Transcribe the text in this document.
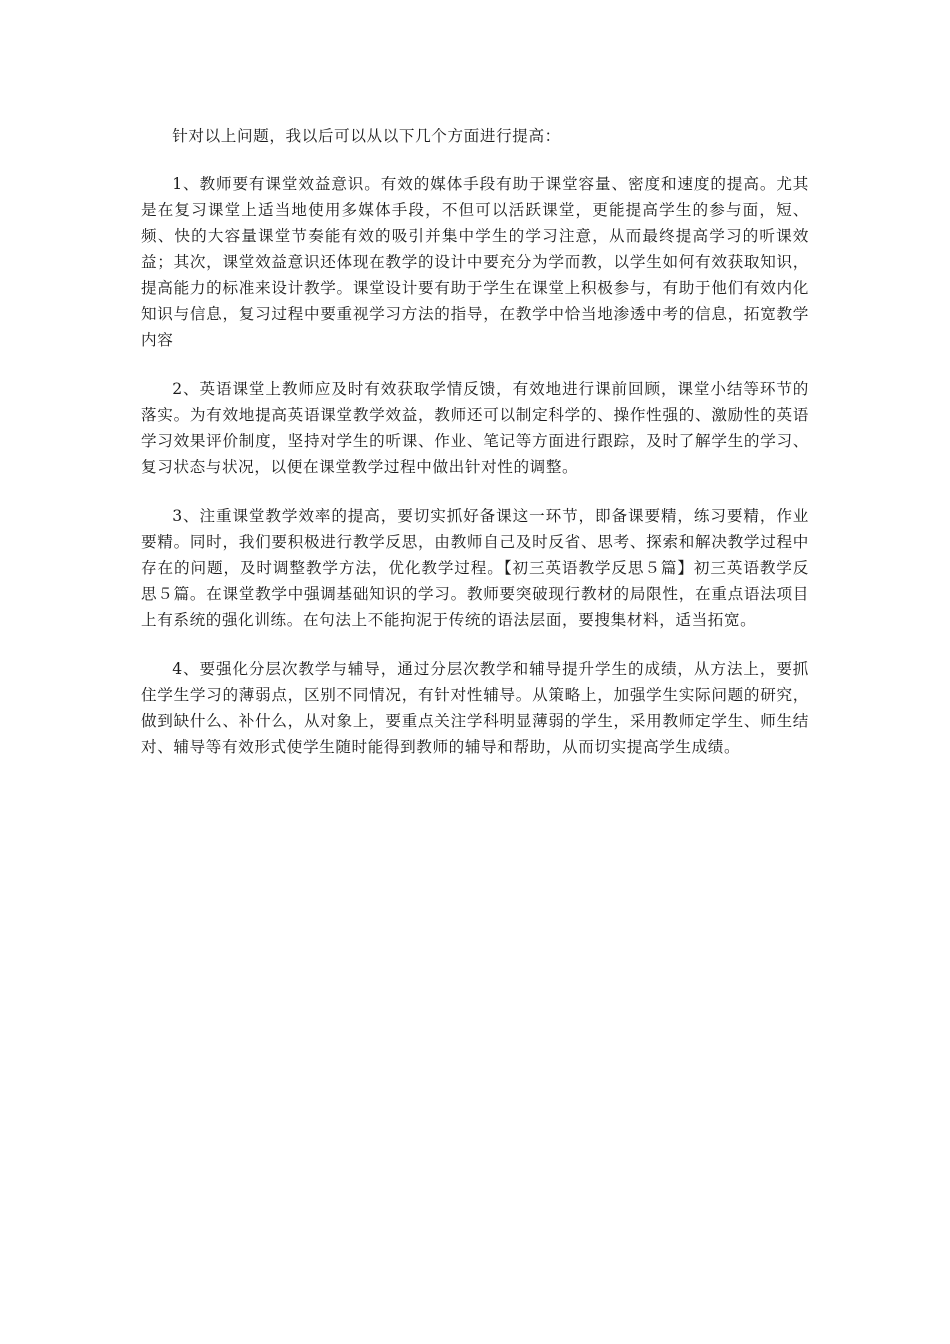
针对以上问题，我以后可以从以下几个方面进行提高：

1、教师要有课堂效益意识。有效的媒体手段有助于课堂容量、密度和速度的提高。尤其是在复习课堂上适当地使用多媒体手段，不但可以活跃课堂，更能提高学生的参与面，短、频、快的大容量课堂节奏能有效的吸引并集中学生的学习注意，从而最终提高学习的听课效益；其次，课堂效益意识还体现在教学的设计中要充分为学而教，以学生如何有效获取知识，提高能力的标准来设计教学。课堂设计要有助于学生在课堂上积极参与，有助于他们有效内化知识与信息，复习过程中要重视学习方法的指导，在教学中恰当地渗透中考的信息，拓宽教学内容

2、英语课堂上教师应及时有效获取学情反馈，有效地进行课前回顾，课堂小结等环节的落实。为有效地提高英语课堂教学效益，教师还可以制定科学的、操作性强的、激励性的英语学习效果评价制度，坚持对学生的听课、作业、笔记等方面进行跟踪，及时了解学生的学习、复习状态与状况，以便在课堂教学过程中做出针对性的调整。

3、注重课堂教学效率的提高，要切实抓好备课这一环节，即备课要精，练习要精，作业要精。同时，我们要积极进行教学反思，由教师自己及时反省、思考、探索和解决教学过程中存在的问题，及时调整教学方法，优化教学过程。【初三英语教学反思５篇】初三英语教学反思５篇。在课堂教学中强调基础知识的学习。教师要突破现行教材的局限性，在重点语法项目上有系统的强化训练。在句法上不能拘泥于传统的语法层面，要搜集材料，适当拓宽。

4、要强化分层次教学与辅导，通过分层次教学和辅导提升学生的成绩，从方法上，要抓住学生学习的薄弱点，区别不同情况，有针对性辅导。从策略上，加强学生实际问题的研究，做到缺什么、补什么，从对象上，要重点关注学科明显薄弱的学生，采用教师定学生、师生结对、辅导等有效形式使学生随时能得到教师的辅导和帮助，从而切实提高学生成绩。
